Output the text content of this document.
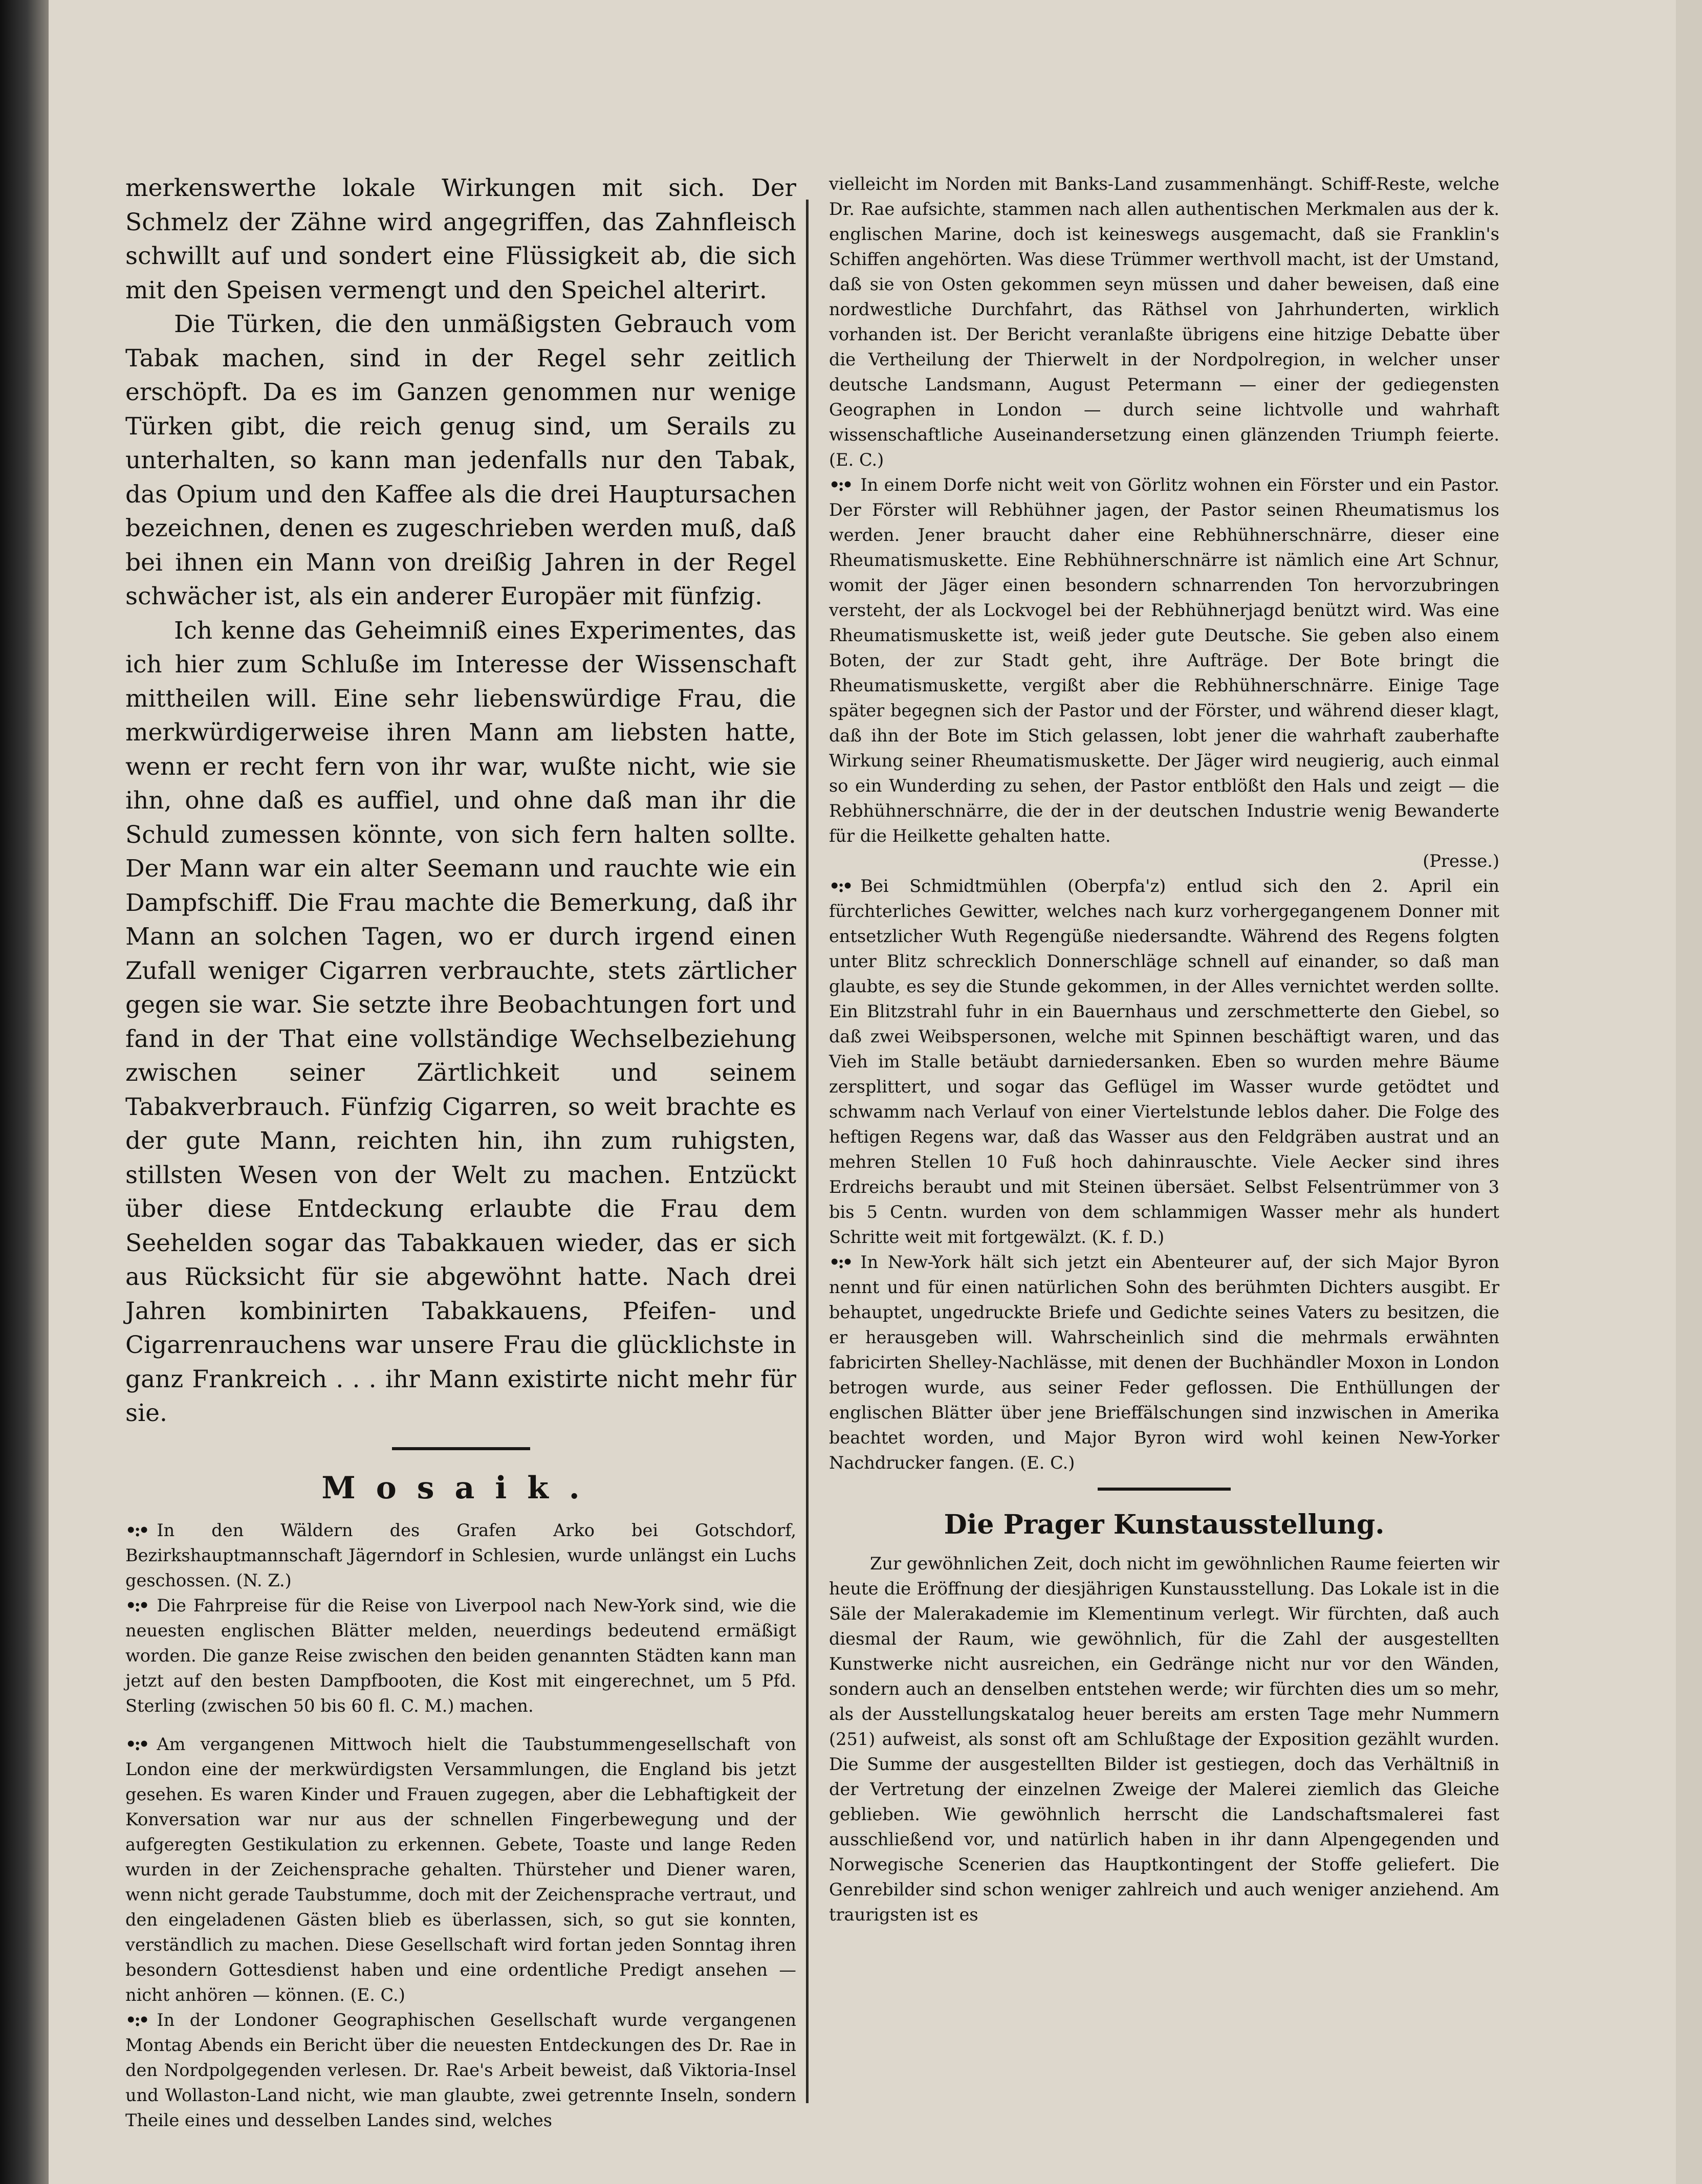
merkenswerthe lokale Wirkungen mit sich. Der Schmelz der Zähne wird angegriffen, das Zahnfleisch schwillt auf und sondert eine Flüssigkeit ab, die sich mit den Speisen vermengt und den Speichel alterirt.

Die Türken, die den unmäßigsten Gebrauch vom Tabak machen, sind in der Regel sehr zeitlich erschöpft. Da es im Ganzen genommen nur wenige Türken gibt, die reich genug sind, um Serails zu unterhalten, so kann man jedenfalls nur den Tabak, das Opium und den Kaffee als die drei Hauptursachen bezeichnen, denen es zugeschrieben werden muß, daß bei ihnen ein Mann von dreißig Jahren in der Regel schwächer ist, als ein anderer Europäer mit fünfzig.

Ich kenne das Geheimniß eines Experimentes, das ich hier zum Schluße im Interesse der Wissenschaft mittheilen will. Eine sehr liebenswürdige Frau, die merkwürdigerweise ihren Mann am liebsten hatte, wenn er recht fern von ihr war, wußte nicht, wie sie ihn, ohne daß es auffiel, und ohne daß man ihr die Schuld zumessen könnte, von sich fern halten sollte. Der Mann war ein alter Seemann und rauchte wie ein Dampfschiff. Die Frau machte die Bemerkung, daß ihr Mann an solchen Tagen, wo er durch irgend einen Zufall weniger Cigarren verbrauchte, stets zärtlicher gegen sie war. Sie setzte ihre Beobachtungen fort und fand in der That eine vollständige Wechselbeziehung zwischen seiner Zärtlichkeit und seinem Tabakverbrauch. Fünfzig Cigarren, so weit brachte es der gute Mann, reichten hin, ihn zum ruhigsten, stillsten Wesen von der Welt zu machen. Entzückt über diese Entdeckung erlaubte die Frau dem Seehelden sogar das Tabakkauen wieder, das er sich aus Rücksicht für sie abgewöhnt hatte. Nach drei Jahren kombinirten Tabakkauens, Pfeifen- und Cigarrenrauchens war unsere Frau die glücklichste in ganz Frankreich . . . ihr Mann existirte nicht mehr für sie.

Mosaik.

•:• In den Wäldern des Grafen Arko bei Gotschdorf, Bezirkshauptmannschaft Jägerndorf in Schlesien, wurde unlängst ein Luchs geschossen. (N. Z.)

•:• Die Fahrpreise für die Reise von Liverpool nach New-York sind, wie die neuesten englischen Blätter melden, neuerdings bedeutend ermäßigt worden. Die ganze Reise zwischen den beiden genannten Städten kann man jetzt auf den besten Dampfbooten, die Kost mit eingerechnet, um 5 Pfd. Sterling (zwischen 50 bis 60 fl. C. M.) machen.

•:• Am vergangenen Mittwoch hielt die Taubstummengesellschaft von London eine der merkwürdigsten Versammlungen, die England bis jetzt gesehen. Es waren Kinder und Frauen zugegen, aber die Lebhaftigkeit der Konversation war nur aus der schnellen Fingerbewegung und der aufgeregten Gestikulation zu erkennen. Gebete, Toaste und lange Reden wurden in der Zeichensprache gehalten. Thürsteher und Diener waren, wenn nicht gerade Taubstumme, doch mit der Zeichensprache vertraut, und den eingeladenen Gästen blieb es überlassen, sich, so gut sie konnten, verständlich zu machen. Diese Gesellschaft wird fortan jeden Sonntag ihren besondern Gottesdienst haben und eine ordentliche Predigt ansehen — nicht anhören — können. (E. C.)

•:• In der Londoner Geographischen Gesellschaft wurde vergangenen Montag Abends ein Bericht über die neuesten Entdeckungen des Dr. Rae in den Nordpolgegenden verlesen. Dr. Rae's Arbeit beweist, daß Viktoria-Insel und Wollaston-Land nicht, wie man glaubte, zwei getrennte Inseln, sondern Theile eines und desselben Landes sind, welches

vielleicht im Norden mit Banks-Land zusammenhängt. Schiff-Reste, welche Dr. Rae aufsichte, stammen nach allen authentischen Merkmalen aus der k. englischen Marine, doch ist keineswegs ausgemacht, daß sie Franklin's Schiffen angehörten. Was diese Trümmer werthvoll macht, ist der Umstand, daß sie von Osten gekommen seyn müssen und daher beweisen, daß eine nordwestliche Durchfahrt, das Räthsel von Jahrhunderten, wirklich vorhanden ist. Der Bericht veranlaßte übrigens eine hitzige Debatte über die Vertheilung der Thierwelt in der Nordpolregion, in welcher unser deutsche Landsmann, August Petermann — einer der gediegensten Geographen in London — durch seine lichtvolle und wahrhaft wissenschaftliche Auseinandersetzung einen glänzenden Triumph feierte. (E. C.)

•:• In einem Dorfe nicht weit von Görlitz wohnen ein Förster und ein Pastor. Der Förster will Rebhühner jagen, der Pastor seinen Rheumatismus los werden. Jener braucht daher eine Rebhühnerschnärre, dieser eine Rheumatismuskette. Eine Rebhühnerschnärre ist nämlich eine Art Schnur, womit der Jäger einen besondern schnarrenden Ton hervorzubringen versteht, der als Lockvogel bei der Rebhühnerjagd benützt wird. Was eine Rheumatismuskette ist, weiß jeder gute Deutsche. Sie geben also einem Boten, der zur Stadt geht, ihre Aufträge. Der Bote bringt die Rheumatismuskette, vergißt aber die Rebhühnerschnärre. Einige Tage später begegnen sich der Pastor und der Förster, und während dieser klagt, daß ihn der Bote im Stich gelassen, lobt jener die wahrhaft zauberhafte Wirkung seiner Rheumatismuskette. Der Jäger wird neugierig, auch einmal so ein Wunderding zu sehen, der Pastor entblößt den Hals und zeigt — die Rebhühnerschnärre, die der in der deutschen Industrie wenig Bewanderte für die Heilkette gehalten hatte.

(Presse.)

•:• Bei Schmidtmühlen (Oberpfa'z) entlud sich den 2. April ein fürchterliches Gewitter, welches nach kurz vorhergegangenem Donner mit entsetzlicher Wuth Regengüße niedersandte. Während des Regens folgten unter Blitz schrecklich Donnerschläge schnell auf einander, so daß man glaubte, es sey die Stunde gekommen, in der Alles vernichtet werden sollte. Ein Blitzstrahl fuhr in ein Bauernhaus und zerschmetterte den Giebel, so daß zwei Weibspersonen, welche mit Spinnen beschäftigt waren, und das Vieh im Stalle betäubt darniedersanken. Eben so wurden mehre Bäume zersplittert, und sogar das Geflügel im Wasser wurde getödtet und schwamm nach Verlauf von einer Viertelstunde leblos daher. Die Folge des heftigen Regens war, daß das Wasser aus den Feldgräben austrat und an mehren Stellen 10 Fuß hoch dahinrauschte. Viele Aecker sind ihres Erdreichs beraubt und mit Steinen übersäet. Selbst Felsentrümmer von 3 bis 5 Centn. wurden von dem schlammigen Wasser mehr als hundert Schritte weit mit fortgewälzt. (K. f. D.)

•:• In New-York hält sich jetzt ein Abenteurer auf, der sich Major Byron nennt und für einen natürlichen Sohn des berühmten Dichters ausgibt. Er behauptet, ungedruckte Briefe und Gedichte seines Vaters zu besitzen, die er herausgeben will. Wahrscheinlich sind die mehrmals erwähnten fabricirten Shelley-Nachlässe, mit denen der Buchhändler Moxon in London betrogen wurde, aus seiner Feder geflossen. Die Enthüllungen der englischen Blätter über jene Brieffälschungen sind inzwischen in Amerika beachtet worden, und Major Byron wird wohl keinen New-Yorker Nachdrucker fangen. (E. C.)

Die Prager Kunstausstellung.

Zur gewöhnlichen Zeit, doch nicht im gewöhnlichen Raume feierten wir heute die Eröffnung der diesjährigen Kunstausstellung. Das Lokale ist in die Säle der Malerakademie im Klementinum verlegt. Wir fürchten, daß auch diesmal der Raum, wie gewöhnlich, für die Zahl der ausgestellten Kunstwerke nicht ausreichen, ein Gedränge nicht nur vor den Wänden, sondern auch an denselben entstehen werde; wir fürchten dies um so mehr, als der Ausstellungskatalog heuer bereits am ersten Tage mehr Nummern (251) aufweist, als sonst oft am Schlußtage der Exposition gezählt wurden. Die Summe der ausgestellten Bilder ist gestiegen, doch das Verhältniß in der Vertretung der einzelnen Zweige der Malerei ziemlich das Gleiche geblieben. Wie gewöhnlich herrscht die Landschaftsmalerei fast ausschließend vor, und natürlich haben in ihr dann Alpengegenden und Norwegische Scenerien das Hauptkontingent der Stoffe geliefert. Die Genrebilder sind schon weniger zahlreich und auch weniger anziehend. Am traurigsten ist es
